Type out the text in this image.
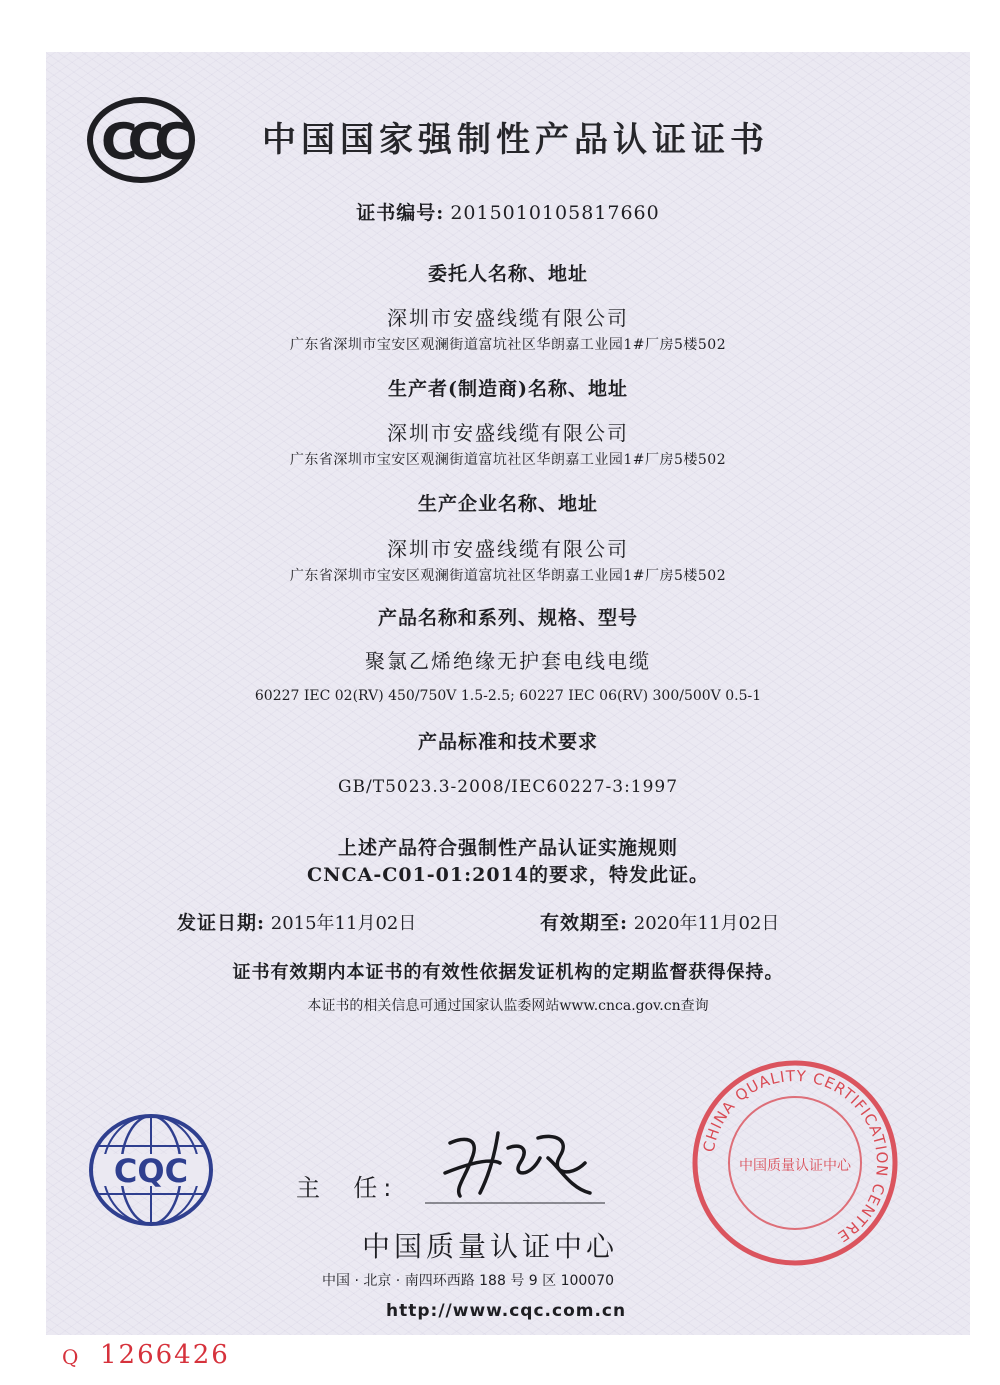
CCC 中国国家强制性产品认证证书
证书编号: 2015010105817660
委托人名称、地址
深圳市安盛线缆有限公司
广东省深圳市宝安区观澜街道富坑社区华朗嘉工业园1#厂房5楼502
生产者(制造商)名称、地址
深圳市安盛线缆有限公司
广东省深圳市宝安区观澜街道富坑社区华朗嘉工业园1#厂房5楼502
生产企业名称、地址
深圳市安盛线缆有限公司
广东省深圳市宝安区观澜街道富坑社区华朗嘉工业园1#厂房5楼502
产品名称和系列、规格、型号
聚氯乙烯绝缘无护套电线电缆
60227 IEC 02(RV) 450/750V 1.5-2.5; 60227 IEC 06(RV) 300/500V 0.5-1
产品标准和技术要求
GB/T5023.3-2008/IEC60227-3:1997
上述产品符合强制性产品认证实施规则
CNCA-C01-01:2014的要求，特发此证。
发证日期: 2015年11月02日	有效期至: 2020年11月02日
证书有效期内本证书的有效性依据发证机构的定期监督获得保持。
本证书的相关信息可通过国家认监委网站www.cnca.gov.cn查询
CQC	主  任:
中国质量认证中心
中国 · 北京 · 南四环西路 188 号 9 区 100070
http://www.cqc.com.cn
CHINA QUALITY CERTIFICATION CENTRE
中国质量认证中心
Q 1266426
